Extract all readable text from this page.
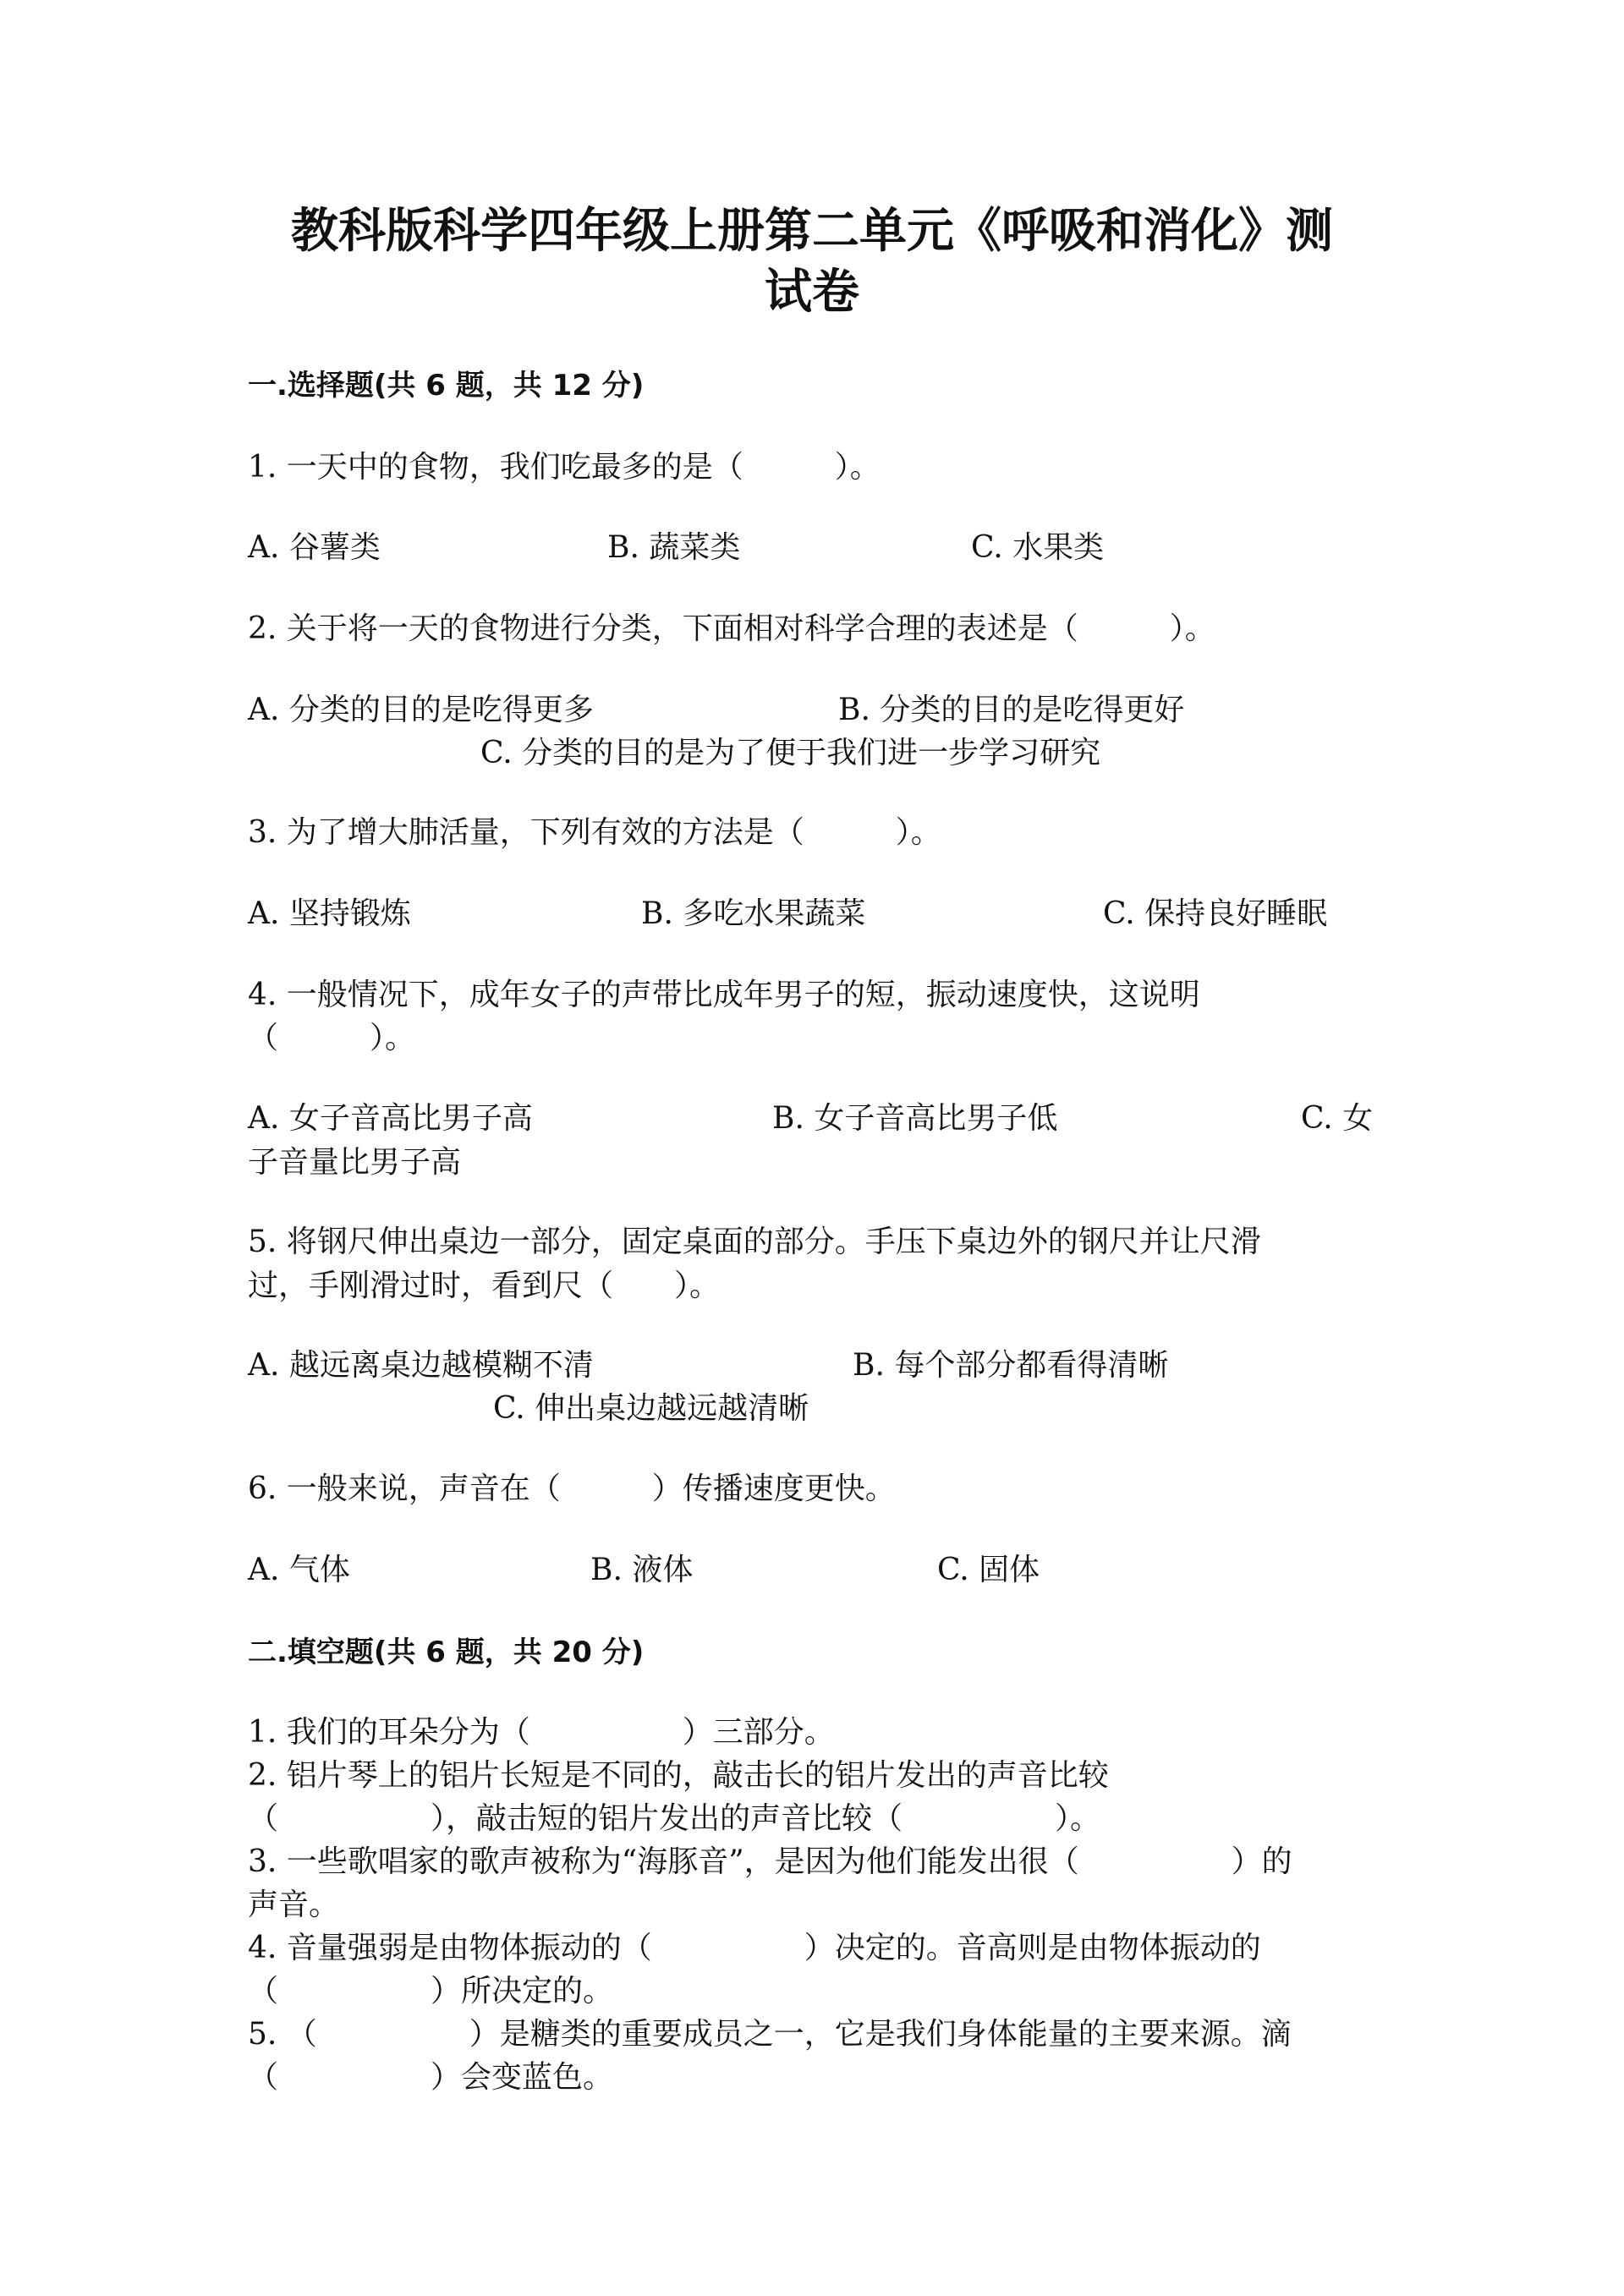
教科版科学四年级上册第二单元《呼吸和消化》测
试卷
一.选择题(共 6 题，共 12 分)
1. 一天中的食物，我们吃最多的是（　　　）。
A. 谷薯类	B. 蔬菜类	C. 水果类
2. 关于将一天的食物进行分类，下面相对科学合理的表述是（　　　）。
A. 分类的目的是吃得更多	B. 分类的目的是吃得更好
C. 分类的目的是为了便于我们进一步学习研究
3. 为了增大肺活量，下列有效的方法是（　　　）。
A. 坚持锻炼	B. 多吃水果蔬菜	C. 保持良好睡眠
4. 一般情况下，成年女子的声带比成年男子的短，振动速度快，这说明
（　　　）。
A. 女子音高比男子高	B. 女子音高比男子低	C. 女
子音量比男子高
5. 将钢尺伸出桌边一部分，固定桌面的部分。手压下桌边外的钢尺并让尺滑
过，手刚滑过时，看到尺（　　）。
A. 越远离桌边越模糊不清	B. 每个部分都看得清晰
C. 伸出桌边越远越清晰
6. 一般来说，声音在（　　　）传播速度更快。
A. 气体	B. 液体	C. 固体
二.填空题(共 6 题，共 20 分)
1. 我们的耳朵分为（　　　　　）三部分。
2. 铝片琴上的铝片长短是不同的，敲击长的铝片发出的声音比较
（　　　　　），敲击短的铝片发出的声音比较（　　　　　）。
3. 一些歌唱家的歌声被称为“海豚音”，是因为他们能发出很（　　　　　）的
声音。
4. 音量强弱是由物体振动的（　　　　　）决定的。音高则是由物体振动的
（　　　　　）所决定的。
5. （　　　　　）是糖类的重要成员之一，它是我们身体能量的主要来源。滴
（　　　　　）会变蓝色。
